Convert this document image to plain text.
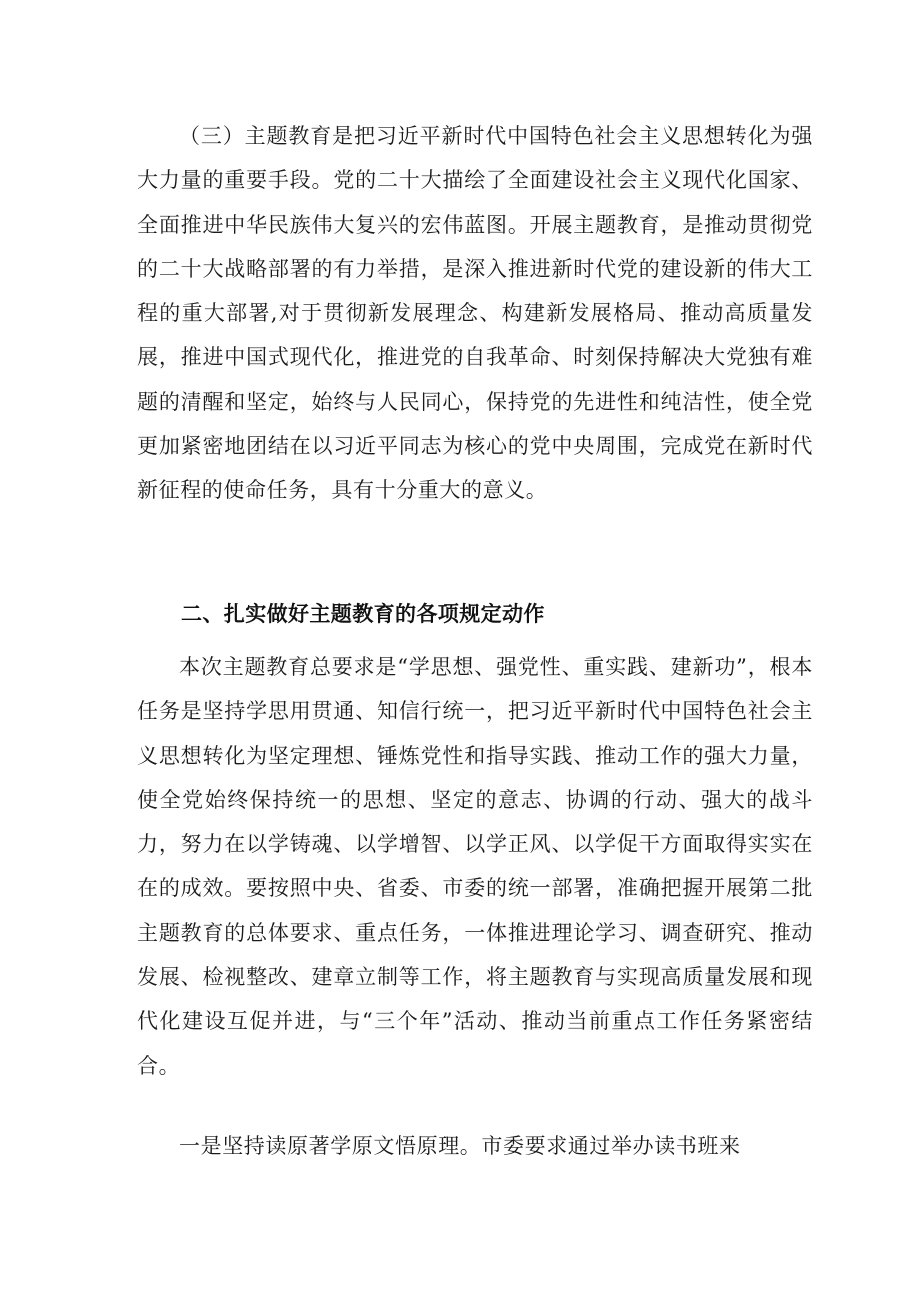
（三）主题教育是把习近平新时代中国特色社会主义思想转化为强大力量的重要手段。党的二十大描绘了全面建设社会主义现代化国家、全面推进中华民族伟大复兴的宏伟蓝图。开展主题教育，是推动贯彻党的二十大战略部署的有力举措，是深入推进新时代党的建设新的伟大工程的重大部署,对于贯彻新发展理念、构建新发展格局、推动高质量发展，推进中国式现代化，推进党的自我革命、时刻保持解决大党独有难题的清醒和坚定，始终与人民同心，保持党的先进性和纯洁性，使全党更加紧密地团结在以习近平同志为核心的党中央周围，完成党在新时代新征程的使命任务，具有十分重大的意义。

二、扎实做好主题教育的各项规定动作

本次主题教育总要求是“学思想、强党性、重实践、建新功”，根本任务是坚持学思用贯通、知信行统一，把习近平新时代中国特色社会主义思想转化为坚定理想、锤炼党性和指导实践、推动工作的强大力量，使全党始终保持统一的思想、坚定的意志、协调的行动、强大的战斗力，努力在以学铸魂、以学增智、以学正风、以学促干方面取得实实在在的成效。要按照中央、省委、市委的统一部署，准确把握开展第二批主题教育的总体要求、重点任务，一体推进理论学习、调查研究、推动发展、检视整改、建章立制等工作，将主题教育与实现高质量发展和现代化建设互促并进，与“三个年”活动、推动当前重点工作任务紧密结合。

一是坚持读原著学原文悟原理。市委要求通过举办读书班来
